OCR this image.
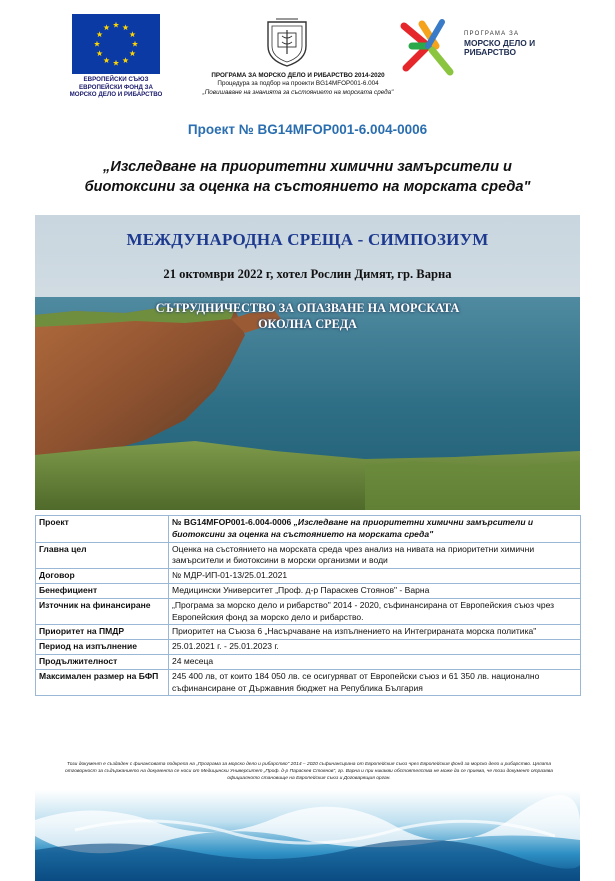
ЕВРОПЕЙСКИ СЪЮЗ
ЕВРОПЕЙСКИ ФОНД ЗА
МОРСКО ДЕЛО И РИБАРСТВО
ПРОГРАМА ЗА МОРСКО ДЕЛО И РИБАРСТВО 2014-2020
Процедура за подбор на проекти BG14MFOP001-6.004
„Повишаване на знанията за състоянието на морската среда"
ПРОГРАМА ЗА
МОРСКО ДЕЛО И
РИБАРСТВО
Проект № BG14MFOP001-6.004-0006
„Изследване на приоритетни химични замърсители и
биотоксини за оценка на състоянието на морската среда"
МЕЖДУНАРОДНА СРЕЩА - СИМПОЗИУМ
21 октомври 2022 г, хотел Рослин Димят, гр. Варна
СЪТРУДНИЧЕСТВО ЗА ОПАЗВАНЕ НА МОРСКАТА
ОКОЛНА СРЕДА
Проект	№ BG14MFOP001-6.004-0006 „Изследване на приоритетни химични замърсители и биотоксини за оценка на състоянието на морската среда"
Главна цел	Оценка на състоянието на морската среда чрез анализ на нивата на приоритетни химични замърсители и биотоксини в морски организми и води
Договор	№ МДР-ИП-01-13/25.01.2021
Бенефициент	Медицински Университет „Проф. д-р Параскев Стоянов" - Варна
Източник на финансиране	„Програма за морско дело и рибарство" 2014 - 2020, съфинансирана от Европейския съюз чрез Европейския фонд за морско дело и рибарство.
Приоритет на ПМДР	Приоритет на Съюза 6 „Насърчаване на изпълнението на Интегрираната морска политика"
Период на изпълнение	25.01.2021 г. - 25.01.2023 г.
Продължителност	24 месеца
Максимален размер на БФП	245 400 лв, от които 184 050 лв. се осигуряват от Европейски съюз и 61 350 лв. национално съфинансиране от Държавния бюджет на Република България
Този документ е създаден с финансовата подкрепа на „Програма за морско дело и рибарство" 2014 – 2020 съфинансирана от Европейския съюз чрез Европейския фонд за морско дело и рибарство. Цялата отговорност за съдържанието на документа се носи от Медицински Университет „Проф. д-р Параскев Стоянов", гр. Варна и при никакви обстоятелства не може да се приема, че този документ отразява официалното становище на Европейския съюз и Договарящия орган.
